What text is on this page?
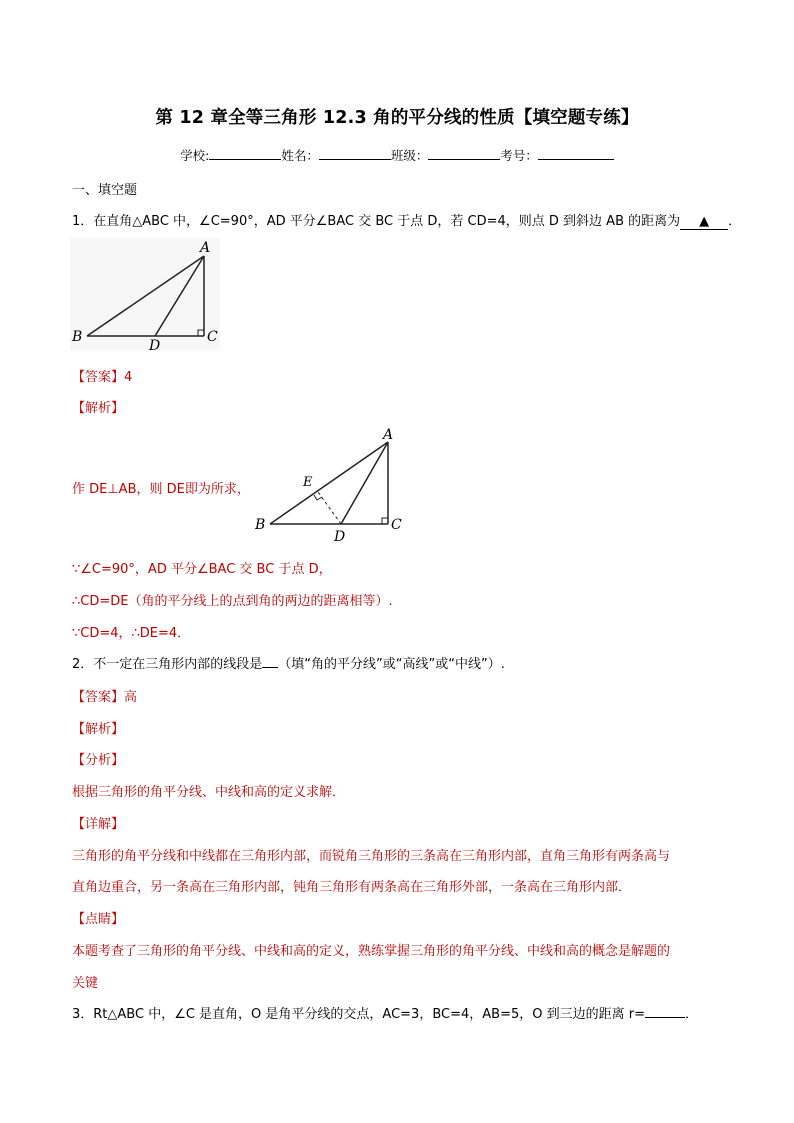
第 12 章全等三角形 12.3 角的平分线的性质【填空题专练】
学校:	姓名：	班级：	考号：
一、填空题
1．在直角△ABC 中，∠C=90°，AD 平分∠BAC 交 BC 于点 D，若 CD=4，则点 D 到斜边 AB 的距离为 ▲ ．
A
B	C
D
【答案】4
【解析】
作 DE⊥AB，则 DE即为所求，
A
B	C
D
E
∵∠C=90°，AD 平分∠BAC 交 BC 于点 D，
∴CD=DE（角的平分线上的点到角的两边的距离相等）.
∵CD=4，∴DE=4．
2．不一定在三角形内部的线段是 （填“角的平分线”或“高线”或“中线”）.
【答案】高
【解析】
【分析】
根据三角形的角平分线、中线和高的定义求解．
【详解】
三角形的角平分线和中线都在三角形内部，而锐角三角形的三条高在三角形内部，直角三角形有两条高与
直角边重合，另一条高在三角形内部，钝角三角形有两条高在三角形外部，一条高在三角形内部．
【点睛】
本题考查了三角形的角平分线、中线和高的定义，熟练掌握三角形的角平分线、中线和高的概念是解题的
关键
3．Rt△ABC 中，∠C 是直角，O 是角平分线的交点，AC=3，BC=4，AB=5，O 到三边的距离 r=	．
